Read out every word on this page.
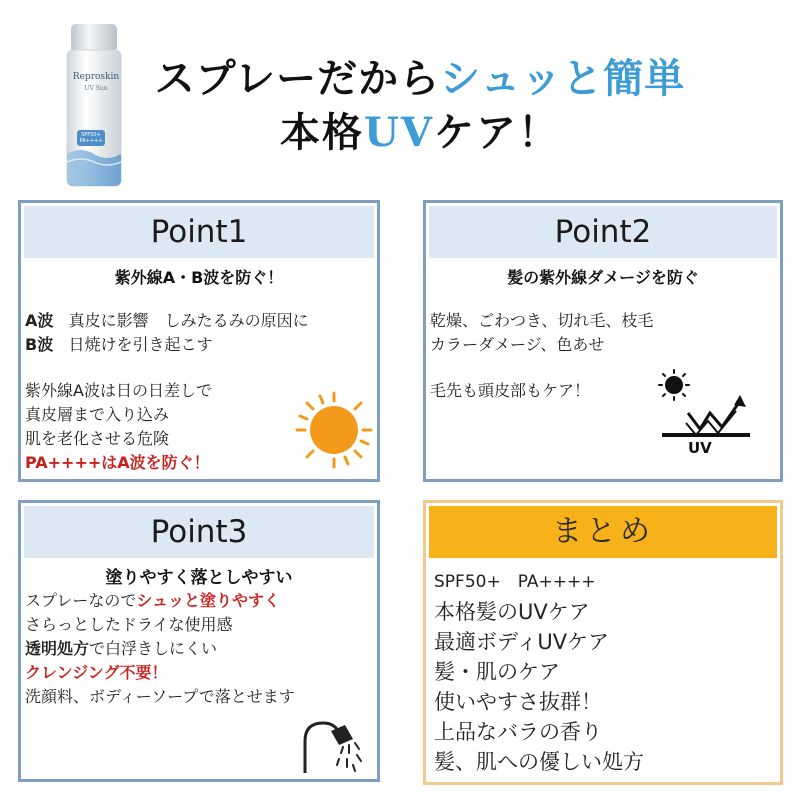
Reproskin
UV Sun
SPF50+ PA++++
スプレーだからシュッと簡単
本格UVケア！
Point1
紫外線A・B波を防ぐ！
A波 真皮に影響　しみたるみの原因に
B波 日焼けを引き起こす
紫外線A波は日の日差しで
真皮層まで入り込み
肌を老化させる危険
PA++++はA波を防ぐ！
Point2
髪の紫外線ダメージを防ぐ
乾燥、ごわつき、切れ毛、枝毛
カラーダメージ、色あせ
毛先も頭皮部もケア！
UV
Point3
塗りやすく落としやすい
スプレーなのでシュッと塗りやすく
さらっとしたドライな使用感
透明処方で白浮きしにくい
クレンジング不要！
洗顔料、ボディーソープで落とせます
まとめ
SPF50+　PA++++
本格髪のUVケア
最適ボディUVケア
髪・肌のケア
使いやすさ抜群！
上品なバラの香り
髪、肌への優しい処方
